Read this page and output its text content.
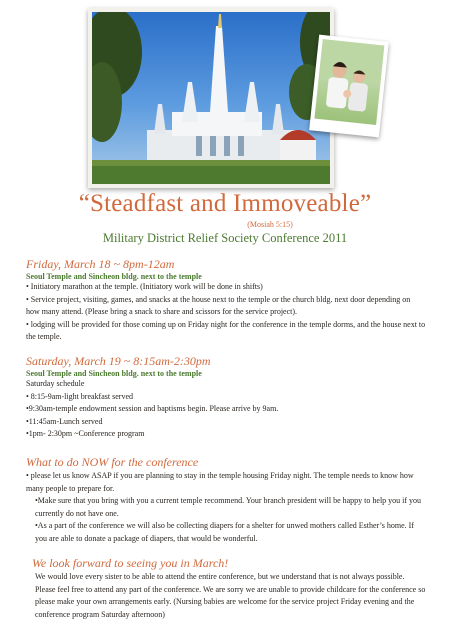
“Steadfast and Immoveable”
(Mosiah 5:15)
Military District Relief Society Conference 2011

Friday, March 18 ~ 8pm-12am

Seoul Temple and Sincheon bldg. next to the temple

• Initiatory marathon at the temple. (Initiatory work will be done in shifts)

• Service project, visiting, games, and snacks at the house next to the temple or the church bldg. next door depending on how many attend. (Please bring a snack to share and scissors for the service project).

• lodging will be provided for those coming up on Friday night for the conference in the temple dorms, and the house next to the temple.

Saturday, March 19 ~ 8:15am-2:30pm

Seoul Temple and Sincheon bldg. next to the temple

Saturday schedule

• 8:15-9am-light breakfast served

•9:30am-temple endowment session and baptisms begin. Please arrive by 9am.

•11:45am-Lunch served

•1pm- 2:30pm ~Conference program

What to do NOW for the conference

• please let us know ASAP if you are planning to stay in the temple housing Friday night. The temple needs to know how many people to prepare for.

•Make sure that you bring with you a current temple recommend. Your branch president will be happy to help you if you currently do not have one.

•As a part of the conference we will also be collecting diapers for a shelter for unwed mothers called Esther’s home. If you are able to donate a package of diapers, that would be wonderful.

We look forward to seeing you in March!

We would love every sister to be able to attend the entire conference, but we understand that is not always possible. Please feel free to attend any part of the conference. We are sorry we are unable to provide childcare for the conference so please make your own arrangements early. (Nursing babies are welcome for the service project Friday evening and the conference program Saturday afternoon)
